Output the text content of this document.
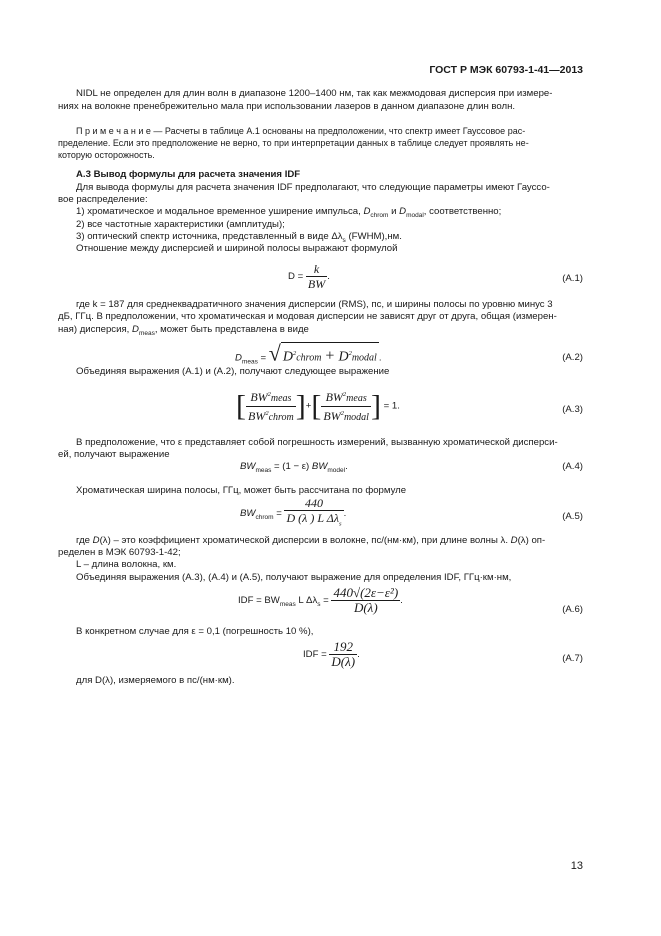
ГОСТ Р МЭК 60793-1-41—2013
NIDL не определен для длин волн в диапазоне 1200–1400 нм, так как межмодовая дисперсия при измере-
ниях на волокне пренебрежительно мала при использовании лазеров в данном диапазоне длин волн.
П р и м е ч а н и е — Расчеты в таблице А.1 основаны на предположении, что спектр имеет Гауссовое рас-
пределение. Если это предположение не верно, то при интерпретации данных в таблице следует проявлять не-
которую осторожность.
А.3 Вывод формулы для расчета значения IDF
Для вывода формулы для расчета значения IDF предполагают, что следующие параметры имеют Гауссо-
вое распределение:
1) хроматическое и модальное временное уширение импульса, $D_{chrom}$ и $D_{modal}$, соответственно;
2) все частотные характеристики (амплитуды);
3) оптический спектр источника, представленный в виде $\Delta\lambda_s$ (FWHM),нм.
Отношение между дисперсией и шириной полосы выражают формулой
$D = \frac{k}{BW}$ .	(А.1)
где k = 187 для среднеквадратичного значения дисперсии (RMS), пс, и ширины полосы по уровню минус 3
дБ, ГГц. В предположении, что хроматическая и модовая дисперсии не зависят друг от друга, общая (измерен-
ная) дисперсия, $D_{meas}$, может быть представлена в виде
$D_{meas}$ = √ $D^2chrom$ + $D^2modal$ .	(А.2)
Объединяя выражения (А.1) и (А.2), получают следующее выражение
[ $\frac{BW^2meas}{BW^2chrom}$ ]+[ $\frac{BW^2meas}{BW^2modal}$ ] = 1.	(А.3)
В предположение, что ε представляет собой погрешность измерений, вызванную хроматической дисперси-
ей, получают выражение
$BW_{meas} = (1 - \varepsilon)$ $BW_{model}$.	(А.4)
Хроматическая ширина полосы, ГГц, может быть рассчитана по формуле
$BW_{chrom} = \frac{440}{D (\lambda ) L \Delta\lambda_s}$ .	(А.5)
где D(λ) – это коэффициент хроматической дисперсии в волокне, пс/(нм·км), при длине волны λ. D(λ) оп-
ределен в МЭК 60793-1-42;
L – длина волокна, км.
Объединяя выражения (А.3), (А.4) и (А.5), получают выражение для определения IDF, ГГц·км·нм,
IDF = $BW_{meas}$ L $\Delta\lambda_s = \frac{\text{440√(2ε−ε²)}}{D(\lambda)}$ .
(А.6)
В конкретном случае для ε = 0,1 (погрешность 10 %),
IDF = $\frac{192}{D(\lambda)}$ .	(А.7)
для D(λ), измеряемого в пс/(нм·км).
13
